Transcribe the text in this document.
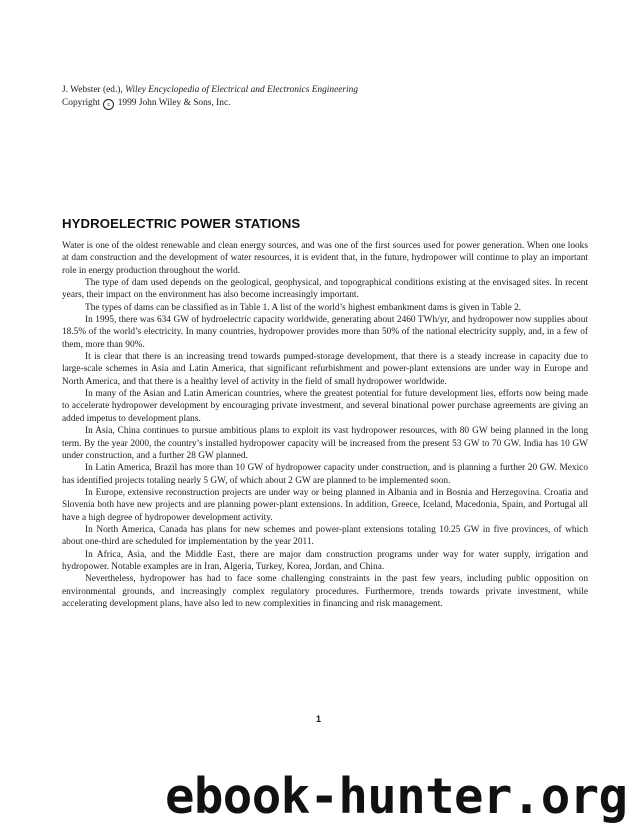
J. Webster (ed.), Wiley Encyclopedia of Electrical and Electronics Engineering
Copyright c 1999 John Wiley & Sons, Inc.
HYDROELECTRIC POWER STATIONS

Water is one of the oldest renewable and clean energy sources, and was one of the first sources used for power generation. When one looks at dam construction and the development of water resources, it is evident that, in the future, hydropower will continue to play an important role in energy production throughout the world.

The type of dam used depends on the geological, geophysical, and topographical conditions existing at the envisaged sites. In recent years, their impact on the environment has also become increasingly important.

The types of dams can be classified as in Table 1. A list of the world’s highest embankment dams is given in Table 2.

In 1995, there was 634 GW of hydroelectric capacity worldwide, generating about 2460 TWh/yr, and hydropower now supplies about 18.5% of the world’s electricity. In many countries, hydropower provides more than 50% of the national electricity supply, and, in a few of them, more than 90%.

It is clear that there is an increasing trend towards pumped-storage development, that there is a steady increase in capacity due to large-scale schemes in Asia and Latin America, that significant refurbishment and power-plant extensions are under way in Europe and North America, and that there is a healthy level of activity in the field of small hydropower worldwide.

In many of the Asian and Latin American countries, where the greatest potential for future development lies, efforts now being made to accelerate hydropower development by encouraging private investment, and several binational power purchase agreements are giving an added impetus to development plans.

In Asia, China continues to pursue ambitious plans to exploit its vast hydropower resources, with 80 GW being planned in the long term. By the year 2000, the country’s installed hydropower capacity will be increased from the present 53 GW to 70 GW. India has 10 GW under construction, and a further 28 GW planned.

In Latin America, Brazil has more than 10 GW of hydropower capacity under construction, and is planning a further 20 GW. Mexico has identified projects totaling nearly 5 GW, of which about 2 GW are planned to be implemented soon.

In Europe, extensive reconstruction projects are under way or being planned in Albania and in Bosnia and Herzegovina. Croatia and Slovenia both have new projects and are planning power-plant extensions. In addition, Greece, Iceland, Macedonia, Spain, and Portugal all have a high degree of hydropower development activity.

In North America, Canada has plans for new schemes and power-plant extensions totaling 10.25 GW in five provinces, of which about one-third are scheduled for implementation by the year 2011.

In Africa, Asia, and the Middle East, there are major dam construction programs under way for water supply, irrigation and hydropower. Notable examples are in Iran, Algeria, Turkey, Korea, Jordan, and China.

Nevertheless, hydropower has had to face some challenging constraints in the past few years, including public opposition on environmental grounds, and increasingly complex regulatory procedures. Furthermore, trends towards private investment, while accelerating development plans, have also led to new complexities in financing and risk management.

1
ebook-hunter.org
